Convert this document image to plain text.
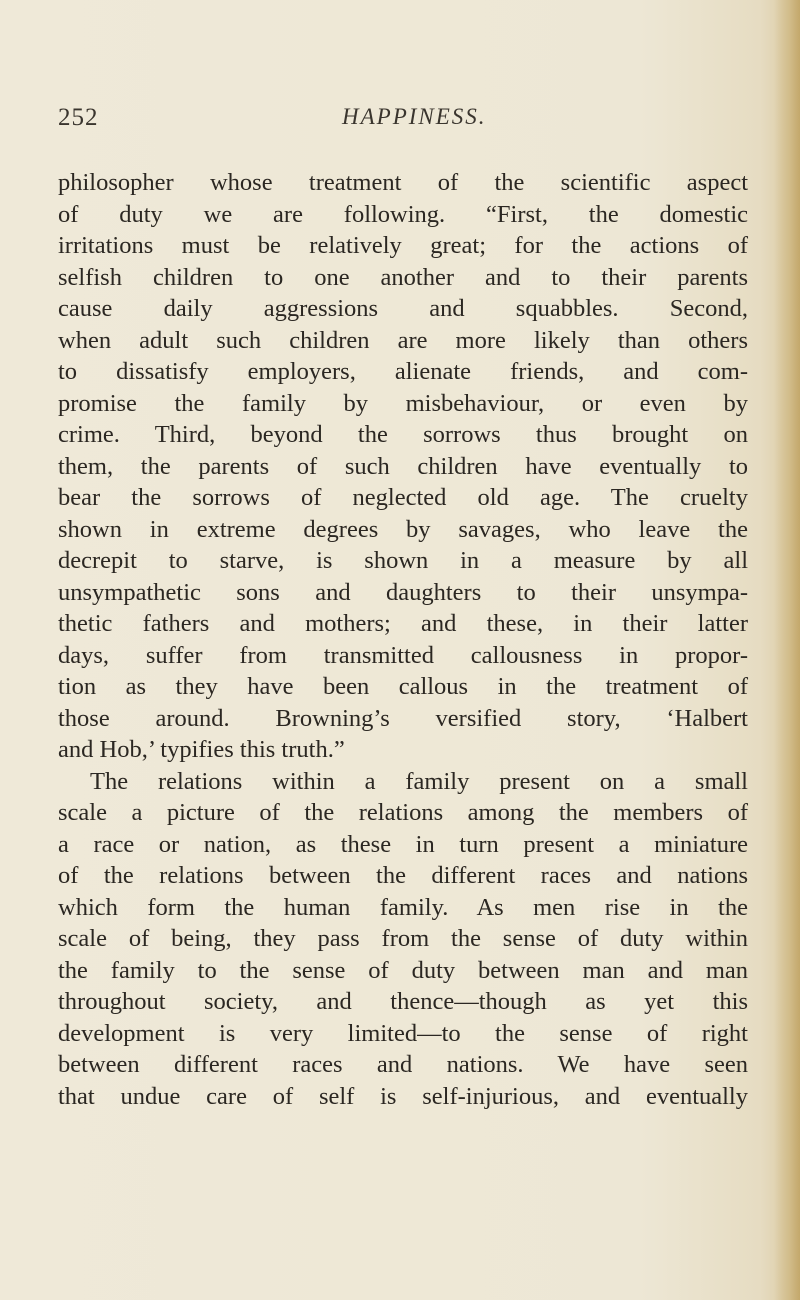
252	HAPPINESS.
philosopher whose treatment of the scientific aspect
of duty we are following. “First, the domestic
irritations must be relatively great; for the actions of
selfish children to one another and to their parents
cause daily aggressions and squabbles. Second,
when adult such children are more likely than others
to dissatisfy employers, alienate friends, and com-
promise the family by misbehaviour, or even by
crime. Third, beyond the sorrows thus brought on
them, the parents of such children have eventually to
bear the sorrows of neglected old age. The cruelty
shown in extreme degrees by savages, who leave the
decrepit to starve, is shown in a measure by all
unsympathetic sons and daughters to their unsympa-
thetic fathers and mothers; and these, in their latter
days, suffer from transmitted callousness in propor-
tion as they have been callous in the treatment of
those around. Browning’s versified story, ‘Halbert
and Hob,’ typifies this truth.”
The relations within a family present on a small
scale a picture of the relations among the members of
a race or nation, as these in turn present a miniature
of the relations between the different races and nations
which form the human family. As men rise in the
scale of being, they pass from the sense of duty within
the family to the sense of duty between man and man
throughout society, and thence—though as yet this
development is very limited—to the sense of right
between different races and nations. We have seen
that undue care of self is self-injurious, and eventually
